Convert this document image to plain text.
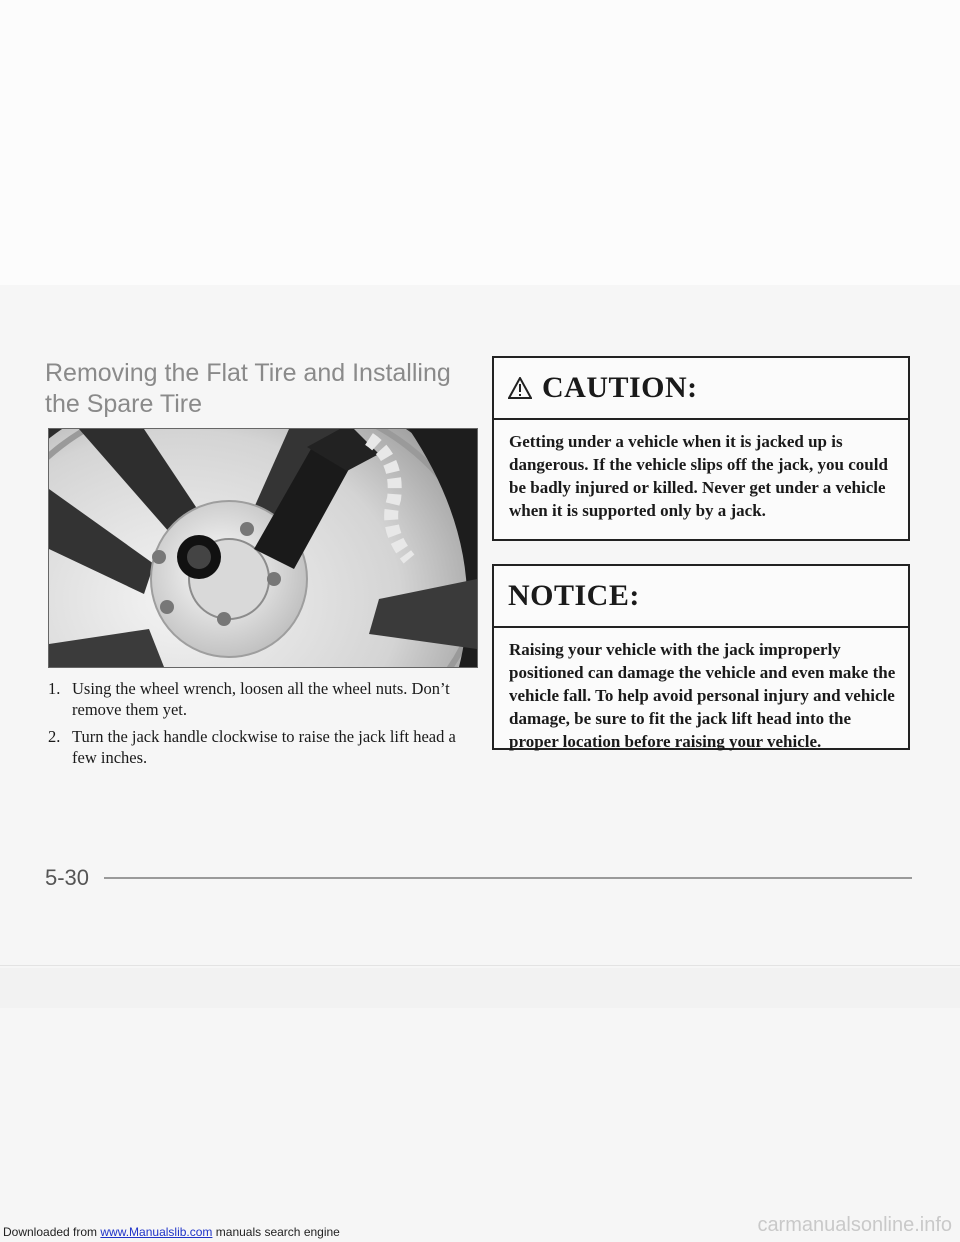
Removing the Flat Tire and Installing the Spare Tire
1. Using the wheel wrench, loosen all the wheel nuts. Don’t remove them yet.
2. Turn the jack handle clockwise to raise the jack lift head a few inches.
CAUTION:
Getting under a vehicle when it is jacked up is dangerous. If the vehicle slips off the jack, you could be badly injured or killed. Never get under a vehicle when it is supported only by a jack.
NOTICE:
Raising your vehicle with the jack improperly positioned can damage the vehicle and even make the vehicle fall. To help avoid personal injury and vehicle damage, be sure to fit the jack lift head into the proper location before raising your vehicle.
5-30
Downloaded from www.Manualslib.com manuals search engine	carmanualsonline.info
